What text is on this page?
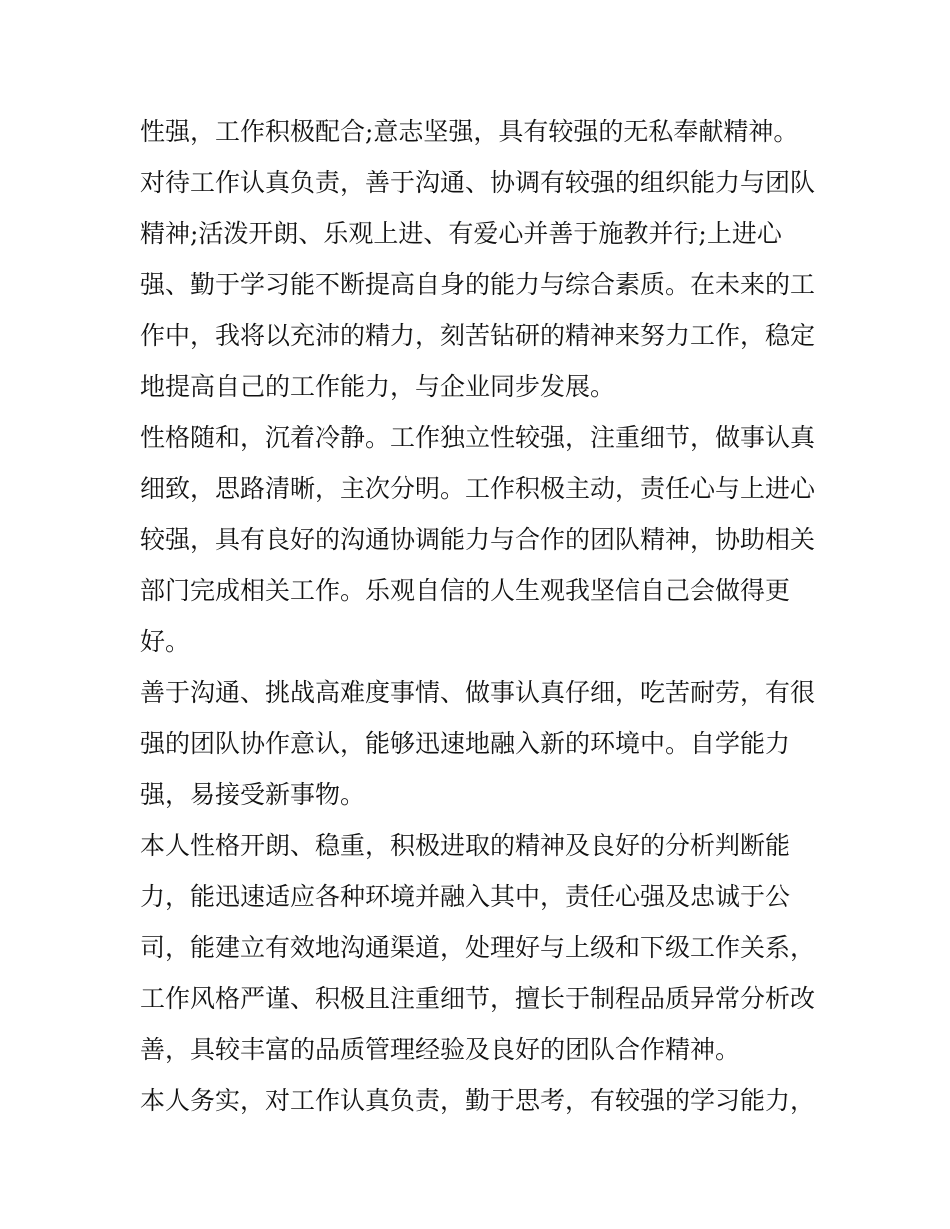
性强，工作积极配合;意志坚强，具有较强的无私奉献精神。
对待工作认真负责，善于沟通、协调有较强的组织能力与团队
精神;活泼开朗、乐观上进、有爱心并善于施教并行;上进心
强、勤于学习能不断提高自身的能力与综合素质。在未来的工
作中，我将以充沛的精力，刻苦钻研的精神来努力工作，稳定
地提高自己的工作能力，与企业同步发展。
性格随和，沉着冷静。工作独立性较强，注重细节，做事认真
细致，思路清晰，主次分明。工作积极主动，责任心与上进心
较强，具有良好的沟通协调能力与合作的团队精神，协助相关
部门完成相关工作。乐观自信的人生观我坚信自己会做得更
好。
善于沟通、挑战高难度事情、做事认真仔细，吃苦耐劳，有很
强的团队协作意认，能够迅速地融入新的环境中。自学能力
强，易接受新事物。
本人性格开朗、稳重，积极进取的精神及良好的分析判断能
力，能迅速适应各种环境并融入其中，责任心强及忠诚于公
司，能建立有效地沟通渠道，处理好与上级和下级工作关系，
工作风格严谨、积极且注重细节，擅长于制程品质异常分析改
善，具较丰富的品质管理经验及良好的团队合作精神。
本人务实，对工作认真负责，勤于思考，有较强的学习能力，
